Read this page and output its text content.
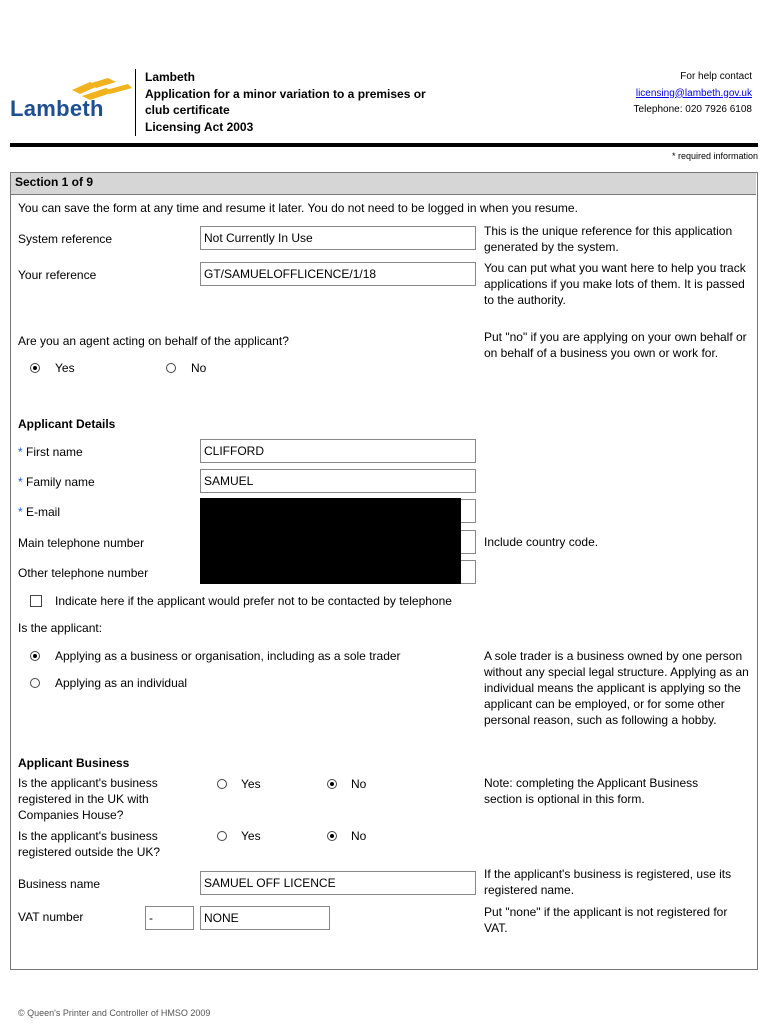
Lambeth
Lambeth
Application for a minor variation to a premises or
club certificate
Licensing Act 2003
For help contact
licensing@lambeth.gov.uk
Telephone: 020 7926 6108
* required information
Section 1 of 9
You can save the form at any time and resume it later. You do not need to be logged in when you resume.
System reference	Not Currently In Use	This is the unique reference for this application generated by the system.
Your reference	GT/SAMUELOFFLICENCE/1/18	You can put what you want here to help you track applications if you make lots of them. It is passed to the authority.
Are you an agent acting on behalf of the applicant?
Yes	No
Put "no" if you are applying on your own behalf or on behalf of a business you own or work for.
Applicant Details
* First name	CLIFFORD
* Family name	SAMUEL
* E-mail
Main telephone number	Include country code.
Other telephone number
Indicate here if the applicant would prefer not to be contacted by telephone
Is the applicant:
Applying as a business or organisation, including as a sole trader
Applying as an individual
A sole trader is a business owned by one person without any special legal structure. Applying as an individual means the applicant is applying so the applicant can be employed, or for some other personal reason, such as following a hobby.
Applicant Business
Is the applicant's business registered in the UK with Companies House?
Yes	No	Note: completing the Applicant Business section is optional in this form.
Is the applicant's business registered outside the UK?
Yes	No
Business name	SAMUEL OFF LICENCE
If the applicant's business is registered, use its registered name.
VAT number	-	NONE	Put "none" if the applicant is not registered for VAT.
© Queen's Printer and Controller of HMSO 2009
